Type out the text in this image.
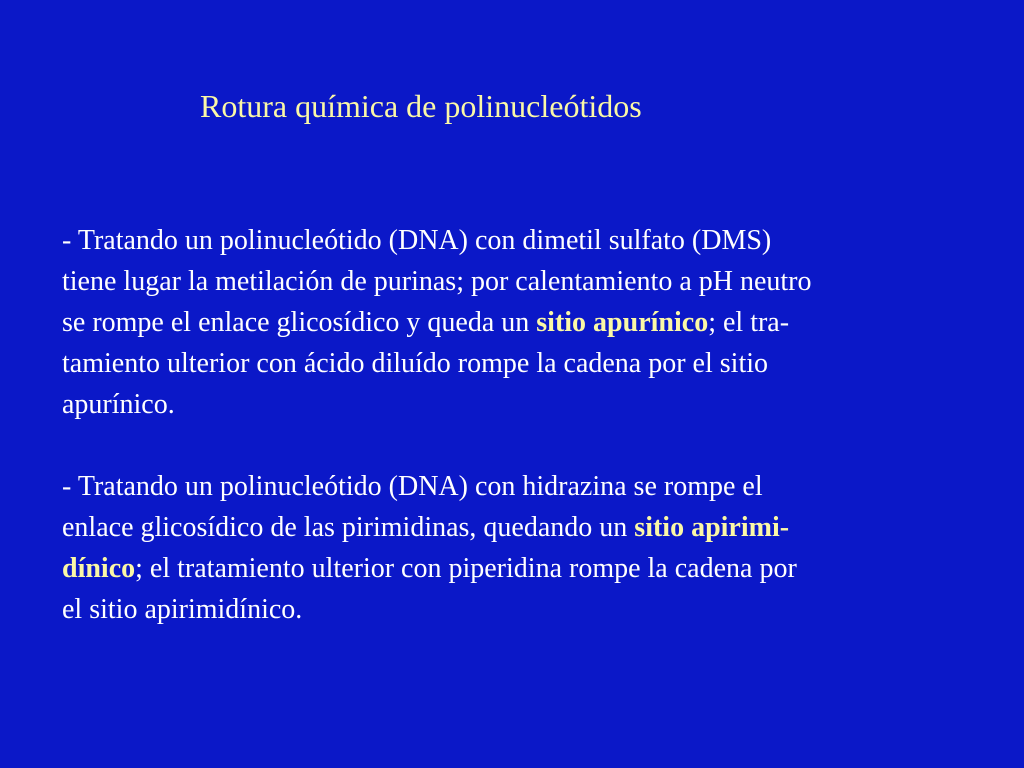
Rotura química de polinucleótidos
- Tratando un polinucleótido (DNA) con dimetil sulfato (DMS)
tiene lugar la metilación de purinas; por calentamiento a pH neutro
se rompe el enlace glicosídico y queda un sitio apurínico; el tra-
tamiento ulterior con ácido diluído rompe la cadena por el sitio
apurínico.
- Tratando un polinucleótido (DNA) con hidrazina se rompe el
enlace glicosídico de las pirimidinas, quedando un sitio apirimi-
dínico; el tratamiento ulterior con piperidina rompe la cadena por
el sitio apirimidínico.
